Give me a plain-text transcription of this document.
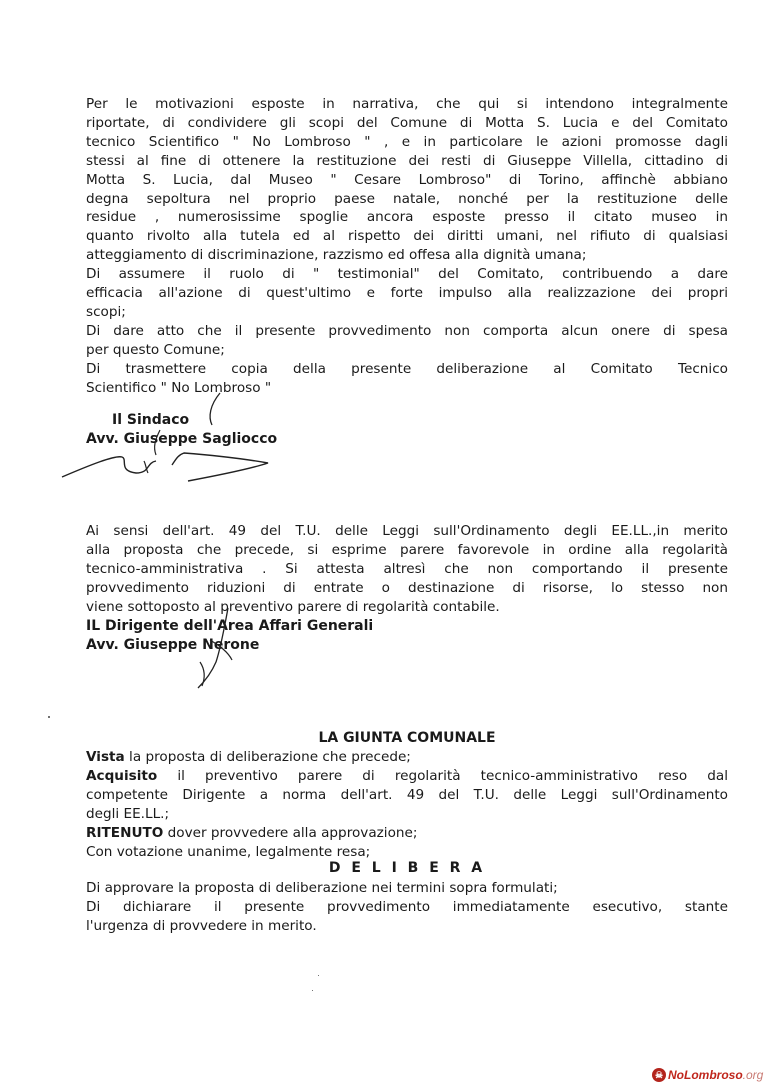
Per le motivazioni esposte in narrativa, che qui si intendono integralmente
riportate, di condividere gli scopi del Comune di Motta S. Lucia e del Comitato
tecnico Scientifico " No Lombroso " , e in particolare le azioni promosse dagli
stessi al fine di ottenere la restituzione dei resti di Giuseppe Villella, cittadino di
Motta S. Lucia, dal Museo " Cesare Lombroso" di Torino, affinchè abbiano
degna sepoltura nel proprio paese natale, nonché per la restituzione delle
residue , numerosissime spoglie ancora esposte presso il citato museo in
quanto rivolto alla tutela ed al rispetto dei diritti umani, nel rifiuto di qualsiasi
atteggiamento di discriminazione, razzismo ed offesa alla dignità umana;
Di assumere il ruolo di " testimonial" del Comitato, contribuendo a dare
efficacia all'azione di quest'ultimo e forte impulso alla realizzazione dei propri
scopi;
Di dare atto che il presente provvedimento non comporta alcun onere di spesa
per questo Comune;
Di trasmettere copia della presente deliberazione al Comitato Tecnico
Scientifico " No Lombroso "
Il Sindaco
Avv. Giuseppe Sagliocco
Ai sensi dell'art. 49 del T.U. delle Leggi sull'Ordinamento degli EE.LL.,in merito
alla proposta che precede, si esprime parere favorevole in ordine alla regolarità
tecnico-amministrativa . Si attesta altresì che non comportando il presente
provvedimento riduzioni di entrate o destinazione di risorse, lo stesso non
viene sottoposto al preventivo parere di regolarità contabile.
IL Dirigente dell'Area Affari Generali
Avv. Giuseppe Nerone
LA GIUNTA COMUNALE
Vista la proposta di deliberazione che precede;
Acquisito il preventivo parere di regolarità tecnico-amministrativo reso dal
competente Dirigente a norma dell'art. 49 del T.U. delle Leggi sull'Ordinamento
degli EE.LL.;
RITENUTO dover provvedere alla approvazione;
Con votazione unanime, legalmente resa;
D E L I B E R A
Di approvare la proposta di deliberazione nei termini sopra formulati;
Di dichiarare il presente provvedimento immediatamente esecutivo, stante
l'urgenza di provvedere in merito.
☠ No Lombroso .org
